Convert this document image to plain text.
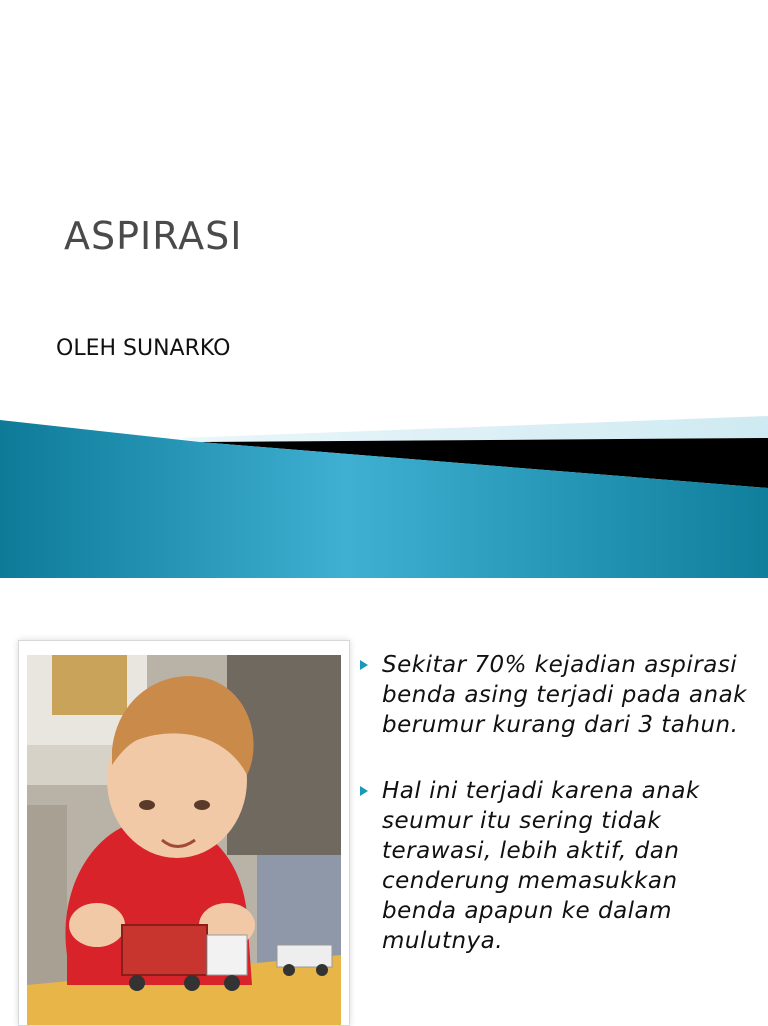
ASPIRASI
OLEH SUNARKO
Sekitar 70% kejadian aspirasi benda asing terjadi pada anak berumur kurang dari 3 tahun.
Hal ini terjadi karena anak seumur itu sering tidak terawasi, lebih aktif, dan cenderung memasukkan benda apapun ke dalam mulutnya.
